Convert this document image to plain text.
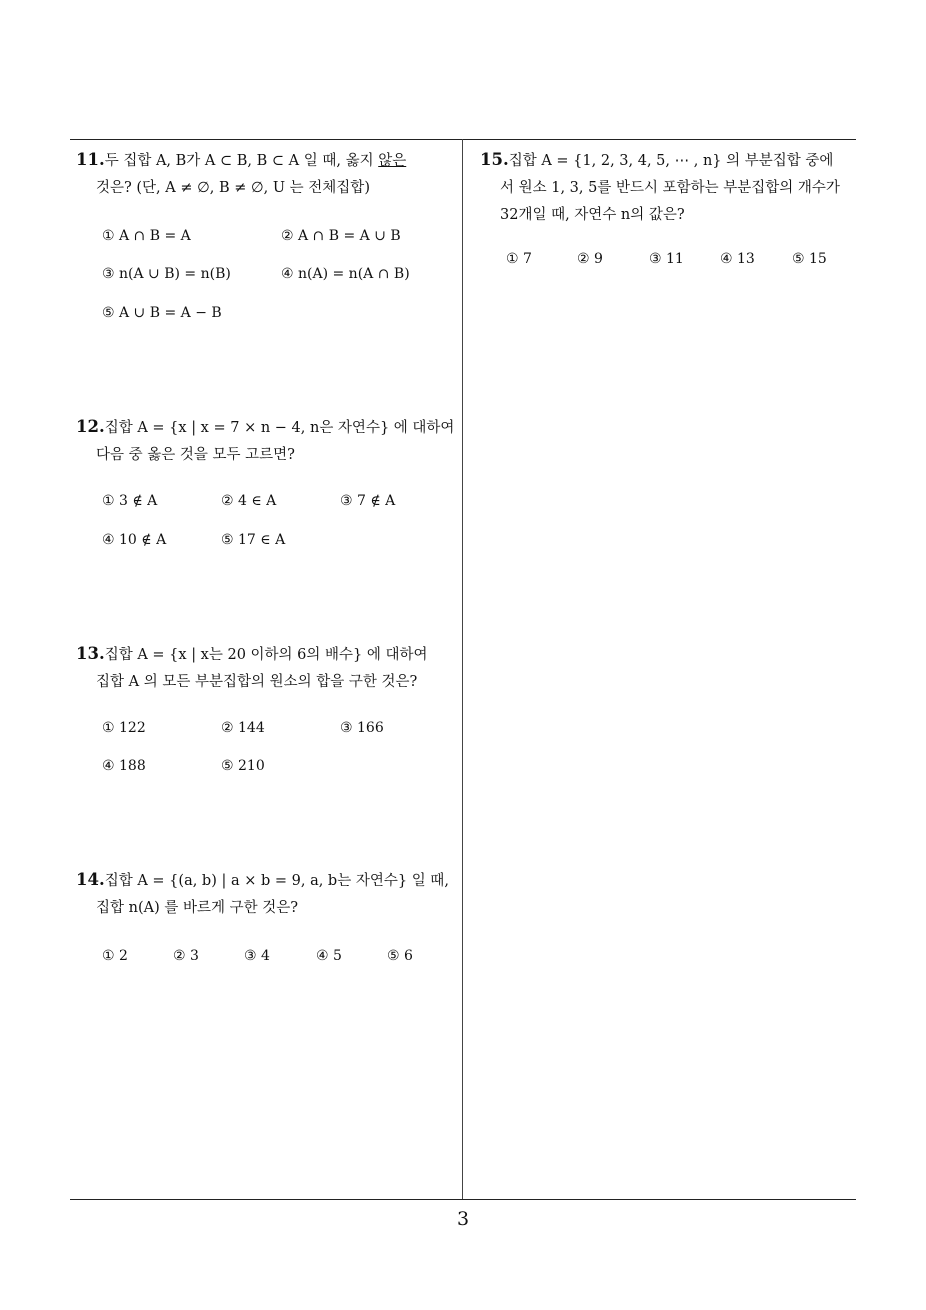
11.두 집합 A, B가 A ⊂ B, B ⊂ A 일 때, 옳지 않은
것은? (단, A ≠ ∅, B ≠ ∅, U 는 전체집합)
① A ∩ B = A	② A ∩ B = A ∪ B
③ n(A ∪ B) = n(B)	④ n(A) = n(A ∩ B)
⑤ A ∪ B = A − B
12.집합 A = {x | x = 7 × n − 4, n은 자연수} 에 대하여
다음 중 옳은 것을 모두 고르면?
① 3 ∉ A	② 4 ∈ A	③ 7 ∉ A
④ 10 ∉ A	⑤ 17 ∈ A
13.집합 A = {x | x는 20 이하의 6의 배수} 에 대하여
집합 A 의 모든 부분집합의 원소의 합을 구한 것은?
① 122	② 144	③ 166
④ 188	⑤ 210
14.집합 A = {(a, b) | a × b = 9, a, b는 자연수} 일 때,
집합 n(A) 를 바르게 구한 것은?
① 2	② 3	③ 4	④ 5	⑤ 6
15.집합 A = {1, 2, 3, 4, 5, ⋯ , n} 의 부분집합 중에
서 원소 1, 3, 5를 반드시 포함하는 부분집합의 개수가
32개일 때, 자연수 n의 값은?
① 7	② 9	③ 11	④ 13	⑤ 15
3
